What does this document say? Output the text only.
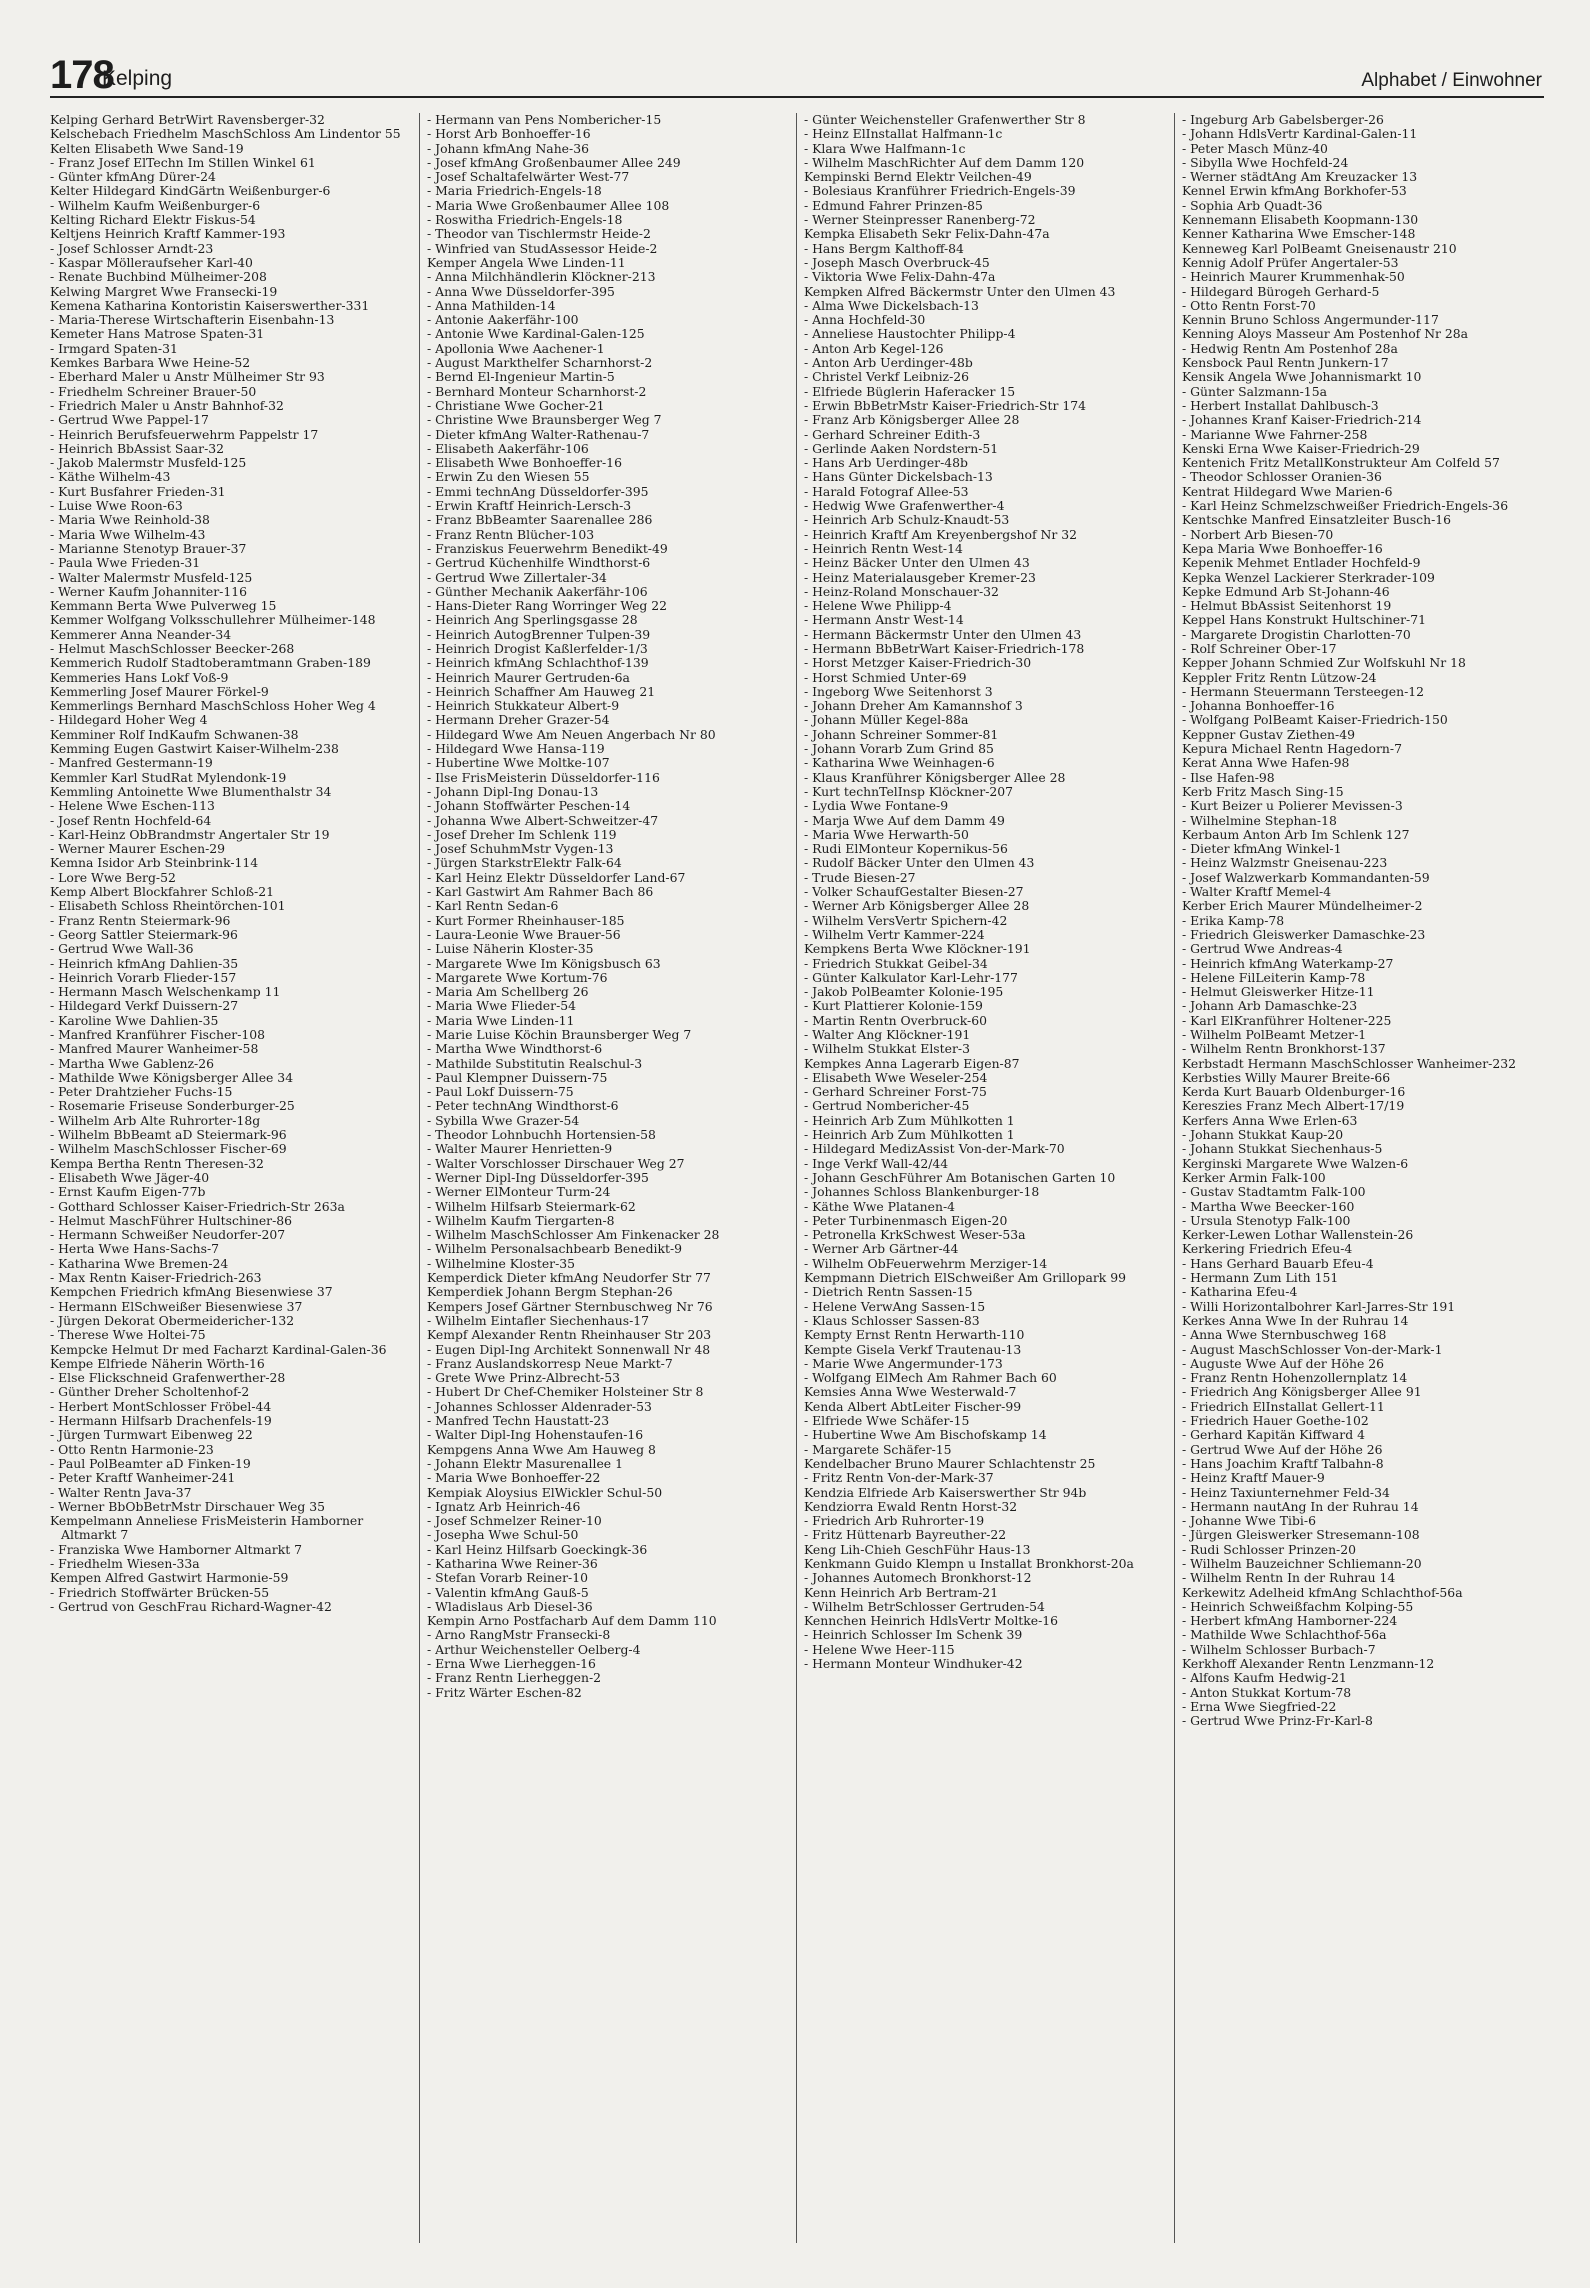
178
Kelping	Alphabet / Einwohner
Kelping Gerhard BetrWirt Ravensberger-32
Kelschebach Friedhelm MaschSchloss Am Lindentor 55
Kelten Elisabeth Wwe Sand-19
- Franz Josef ElTechn Im Stillen Winkel 61
- Günter kfmAng Dürer-24
Kelter Hildegard KindGärtn Weißenburger-6
- Wilhelm Kaufm Weißenburger-6
Kelting Richard Elektr Fiskus-54
Keltjens Heinrich Kraftf Kammer-193
- Josef Schlosser Arndt-23
- Kaspar Mölleraufseher Karl-40
- Renate Buchbind Mülheimer-208
Kelwing Margret Wwe Fransecki-19
Kemena Katharina Kontoristin Kaiserswerther-331
- Maria-Therese Wirtschafterin Eisenbahn-13
Kemeter Hans Matrose Spaten-31
- Irmgard Spaten-31
Kemkes Barbara Wwe Heine-52
- Eberhard Maler u Anstr Mülheimer Str 93
- Friedhelm Schreiner Brauer-50
- Friedrich Maler u Anstr Bahnhof-32
- Gertrud Wwe Pappel-17
- Heinrich Berufsfeuerwehrm Pappelstr 17
- Heinrich BbAssist Saar-32
- Jakob Malermstr Musfeld-125
- Käthe Wilhelm-43
- Kurt Busfahrer Frieden-31
- Luise Wwe Roon-63
- Maria Wwe Reinhold-38
- Maria Wwe Wilhelm-43
- Marianne Stenotyp Brauer-37
- Paula Wwe Frieden-31
- Walter Malermstr Musfeld-125
- Werner Kaufm Johanniter-116
Kemmann Berta Wwe Pulverweg 15
Kemmer Wolfgang Volksschullehrer Mülheimer-148
Kemmerer Anna Neander-34
- Helmut MaschSchlosser Beecker-268
Kemmerich Rudolf Stadtoberamtmann Graben-189
Kemmeries Hans Lokf Voß-9
Kemmerling Josef Maurer Förkel-9
Kemmerlings Bernhard MaschSchloss Hoher Weg 4
- Hildegard Hoher Weg 4
Kemminer Rolf IndKaufm Schwanen-38
Kemming Eugen Gastwirt Kaiser-Wilhelm-238
- Manfred Gestermann-19
Kemmler Karl StudRat Mylendonk-19
Kemmling Antoinette Wwe Blumenthalstr 34
- Helene Wwe Eschen-113
- Josef Rentn Hochfeld-64
- Karl-Heinz ObBrandmstr Angertaler Str 19
- Werner Maurer Eschen-29
Kemna Isidor Arb Steinbrink-114
- Lore Wwe Berg-52
Kemp Albert Blockfahrer Schloß-21
- Elisabeth Schloss Rheintörchen-101
- Franz Rentn Steiermark-96
- Georg Sattler Steiermark-96
- Gertrud Wwe Wall-36
- Heinrich kfmAng Dahlien-35
- Heinrich Vorarb Flieder-157
- Hermann Masch Welschenkamp 11
- Hildegard Verkf Duissern-27
- Karoline Wwe Dahlien-35
- Manfred Kranführer Fischer-108
- Manfred Maurer Wanheimer-58
- Martha Wwe Gablenz-26
- Mathilde Wwe Königsberger Allee 34
- Peter Drahtzieher Fuchs-15
- Rosemarie Friseuse Sonderburger-25
- Wilhelm Arb Alte Ruhrorter-18g
- Wilhelm BbBeamt aD Steiermark-96
- Wilhelm MaschSchlosser Fischer-69
Kempa Bertha Rentn Theresen-32
- Elisabeth Wwe Jäger-40
- Ernst Kaufm Eigen-77b
- Gotthard Schlosser Kaiser-Friedrich-Str 263a
- Helmut MaschFührer Hultschiner-86
- Hermann Schweißer Neudorfer-207
- Herta Wwe Hans-Sachs-7
- Katharina Wwe Bremen-24
- Max Rentn Kaiser-Friedrich-263
Kempchen Friedrich kfmAng Biesenwiese 37
- Hermann ElSchweißer Biesenwiese 37
- Jürgen Dekorat Obermeidericher-132
- Therese Wwe Holtei-75
Kempcke Helmut Dr med Facharzt Kardinal-Galen-36
Kempe Elfriede Näherin Wörth-16
- Else Flickschneid Grafenwerther-28
- Günther Dreher Scholtenhof-2
- Herbert MontSchlosser Fröbel-44
- Hermann Hilfsarb Drachenfels-19
- Jürgen Turmwart Eibenweg 22
- Otto Rentn Harmonie-23
- Paul PolBeamter aD Finken-19
- Peter Kraftf Wanheimer-241
- Walter Rentn Java-37
- Werner BbObBetrMstr Dirschauer Weg 35
Kempelmann Anneliese FrisMeisterin Hamborner Altmarkt 7
- Franziska Wwe Hamborner Altmarkt 7
- Friedhelm Wiesen-33a
Kempen Alfred Gastwirt Harmonie-59
- Friedrich Stoffwärter Brücken-55
- Gertrud von GeschFrau Richard-Wagner-42
- Hermann van Pens Nombericher-15
- Horst Arb Bonhoeffer-16
- Johann kfmAng Nahe-36
- Josef kfmAng Großenbaumer Allee 249
- Josef Schaltafelwärter West-77
- Maria Friedrich-Engels-18
- Maria Wwe Großenbaumer Allee 108
- Roswitha Friedrich-Engels-18
- Theodor van Tischlermstr Heide-2
- Winfried van StudAssessor Heide-2
Kemper Angela Wwe Linden-11
- Anna Milchhändlerin Klöckner-213
- Anna Wwe Düsseldorfer-395
- Anna Mathilden-14
- Antonie Aakerfähr-100
- Antonie Wwe Kardinal-Galen-125
- Apollonia Wwe Aachener-1
- August Markthelfer Scharnhorst-2
- Bernd El-Ingenieur Martin-5
- Bernhard Monteur Scharnhorst-2
- Christiane Wwe Gocher-21
- Christine Wwe Braunsberger Weg 7
- Dieter kfmAng Walter-Rathenau-7
- Elisabeth Aakerfähr-106
- Elisabeth Wwe Bonhoeffer-16
- Erwin Zu den Wiesen 55
- Emmi technAng Düsseldorfer-395
- Erwin Kraftf Heinrich-Lersch-3
- Franz BbBeamter Saarenallee 286
- Franz Rentn Blücher-103
- Franziskus Feuerwehrm Benedikt-49
- Gertrud Küchenhilfe Windthorst-6
- Gertrud Wwe Zillertaler-34
- Günther Mechanik Aakerfähr-106
- Hans-Dieter Rang Worringer Weg 22
- Heinrich Ang Sperlingsgasse 28
- Heinrich AutogBrenner Tulpen-39
- Heinrich Drogist Kaßlerfelder-1/3
- Heinrich kfmAng Schlachthof-139
- Heinrich Maurer Gertruden-6a
- Heinrich Schaffner Am Hauweg 21
- Heinrich Stukkateur Albert-9
- Hermann Dreher Grazer-54
- Hildegard Wwe Am Neuen Angerbach Nr 80
- Hildegard Wwe Hansa-119
- Hubertine Wwe Moltke-107
- Ilse FrisMeisterin Düsseldorfer-116
- Johann Dipl-Ing Donau-13
- Johann Stoffwärter Peschen-14
- Johanna Wwe Albert-Schweitzer-47
- Josef Dreher Im Schlenk 119
- Josef SchuhmMstr Vygen-13
- Jürgen StarkstrElektr Falk-64
- Karl Heinz Elektr Düsseldorfer Land-67
- Karl Gastwirt Am Rahmer Bach 86
- Karl Rentn Sedan-6
- Kurt Former Rheinhauser-185
- Laura-Leonie Wwe Brauer-56
- Luise Näherin Kloster-35
- Margarete Wwe Im Königsbusch 63
- Margarete Wwe Kortum-76
- Maria Am Schellberg 26
- Maria Wwe Flieder-54
- Maria Wwe Linden-11
- Marie Luise Köchin Braunsberger Weg 7
- Martha Wwe Windthorst-6
- Mathilde Substitutin Realschul-3
- Paul Klempner Duissern-75
- Paul Lokf Duissern-75
- Peter technAng Windthorst-6
- Sybilla Wwe Grazer-54
- Theodor Lohnbuchh Hortensien-58
- Walter Maurer Henrietten-9
- Walter Vorschlosser Dirschauer Weg 27
- Werner Dipl-Ing Düsseldorfer-395
- Werner ElMonteur Turm-24
- Wilhelm Hilfsarb Steiermark-62
- Wilhelm Kaufm Tiergarten-8
- Wilhelm MaschSchlosser Am Finkenacker 28
- Wilhelm Personalsachbearb Benedikt-9
- Wilhelmine Kloster-35
Kemperdick Dieter kfmAng Neudorfer Str 77
Kemperdiek Johann Bergm Stephan-26
Kempers Josef Gärtner Sternbuschweg Nr 76
- Wilhelm Eintafler Siechenhaus-17
Kempf Alexander Rentn Rheinhauser Str 203
- Eugen Dipl-Ing Architekt Sonnenwall Nr 48
- Franz Auslandskorresp Neue Markt-7
- Grete Wwe Prinz-Albrecht-53
- Hubert Dr Chef-Chemiker Holsteiner Str 8
- Johannes Schlosser Aldenrader-53
- Manfred Techn Haustatt-23
- Walter Dipl-Ing Hohenstaufen-16
Kempgens Anna Wwe Am Hauweg 8
- Johann Elektr Masurenallee 1
- Maria Wwe Bonhoeffer-22
Kempiak Aloysius ElWickler Schul-50
- Ignatz Arb Heinrich-46
- Josef Schmelzer Reiner-10
- Josepha Wwe Schul-50
- Karl Heinz Hilfsarb Goeckingk-36
- Katharina Wwe Reiner-36
- Stefan Vorarb Reiner-10
- Valentin kfmAng Gauß-5
- Wladislaus Arb Diesel-36
Kempin Arno Postfacharb Auf dem Damm 110
- Arno RangMstr Fransecki-8
- Arthur Weichensteller Oelberg-4
- Erna Wwe Lierheggen-16
- Franz Rentn Lierheggen-2
- Fritz Wärter Eschen-82
- Günter Weichensteller Grafenwerther Str 8
- Heinz ElInstallat Halfmann-1c
- Klara Wwe Halfmann-1c
- Wilhelm MaschRichter Auf dem Damm 120
Kempinski Bernd Elektr Veilchen-49
- Bolesiaus Kranführer Friedrich-Engels-39
- Edmund Fahrer Prinzen-85
- Werner Steinpresser Ranenberg-72
Kempka Elisabeth Sekr Felix-Dahn-47a
- Hans Bergm Kalthoff-84
- Joseph Masch Overbruck-45
- Viktoria Wwe Felix-Dahn-47a
Kempken Alfred Bäckermstr Unter den Ulmen 43
- Alma Wwe Dickelsbach-13
- Anna Hochfeld-30
- Anneliese Haustochter Philipp-4
- Anton Arb Kegel-126
- Anton Arb Uerdinger-48b
- Christel Verkf Leibniz-26
- Elfriede Büglerin Haferacker 15
- Erwin BbBetrMstr Kaiser-Friedrich-Str 174
- Franz Arb Königsberger Allee 28
- Gerhard Schreiner Edith-3
- Gerlinde Aaken Nordstern-51
- Hans Arb Uerdinger-48b
- Hans Günter Dickelsbach-13
- Harald Fotograf Allee-53
- Hedwig Wwe Grafenwerther-4
- Heinrich Arb Schulz-Knaudt-53
- Heinrich Kraftf Am Kreyenbergshof Nr 32
- Heinrich Rentn West-14
- Heinz Bäcker Unter den Ulmen 43
- Heinz Materialausgeber Kremer-23
- Heinz-Roland Monschauer-32
- Helene Wwe Philipp-4
- Hermann Anstr West-14
- Hermann Bäckermstr Unter den Ulmen 43
- Hermann BbBetrWart Kaiser-Friedrich-178
- Horst Metzger Kaiser-Friedrich-30
- Horst Schmied Unter-69
- Ingeborg Wwe Seitenhorst 3
- Johann Dreher Am Kamannshof 3
- Johann Müller Kegel-88a
- Johann Schreiner Sommer-81
- Johann Vorarb Zum Grind 85
- Katharina Wwe Weinhagen-6
- Klaus Kranführer Königsberger Allee 28
- Kurt technTelInsp Klöckner-207
- Lydia Wwe Fontane-9
- Marja Wwe Auf dem Damm 49
- Maria Wwe Herwarth-50
- Rudi ElMonteur Kopernikus-56
- Rudolf Bäcker Unter den Ulmen 43
- Trude Biesen-27
- Volker SchaufGestalter Biesen-27
- Werner Arb Königsberger Allee 28
- Wilhelm VersVertr Spichern-42
- Wilhelm Vertr Kammer-224
Kempkens Berta Wwe Klöckner-191
- Friedrich Stukkat Geibel-34
- Günter Kalkulator Karl-Lehr-177
- Jakob PolBeamter Kolonie-195
- Kurt Plattierer Kolonie-159
- Martin Rentn Overbruck-60
- Walter Ang Klöckner-191
- Wilhelm Stukkat Elster-3
Kempkes Anna Lagerarb Eigen-87
- Elisabeth Wwe Weseler-254
- Gerhard Schreiner Forst-75
- Gertrud Nombericher-45
- Heinrich Arb Zum Mühlkotten 1
- Heinrich Arb Zum Mühlkotten 1
- Hildegard MedizAssist Von-der-Mark-70
- Inge Verkf Wall-42/44
- Johann GeschFührer Am Botanischen Garten 10
- Johannes Schloss Blankenburger-18
- Käthe Wwe Platanen-4
- Peter Turbinenmasch Eigen-20
- Petronella KrkSchwest Weser-53a
- Werner Arb Gärtner-44
- Wilhelm ObFeuerwehrm Merziger-14
Kempmann Dietrich ElSchweißer Am Grillopark 99
- Dietrich Rentn Sassen-15
- Helene VerwAng Sassen-15
- Klaus Schlosser Sassen-83
Kempty Ernst Rentn Herwarth-110
Kempte Gisela Verkf Trautenau-13
- Marie Wwe Angermunder-173
- Wolfgang ElMech Am Rahmer Bach 60
Kemsies Anna Wwe Westerwald-7
Kenda Albert AbtLeiter Fischer-99
- Elfriede Wwe Schäfer-15
- Hubertine Wwe Am Bischofskamp 14
- Margarete Schäfer-15
Kendelbacher Bruno Maurer Schlachtenstr 25
- Fritz Rentn Von-der-Mark-37
Kendzia Elfriede Arb Kaiserswerther Str 94b
Kendziorra Ewald Rentn Horst-32
- Friedrich Arb Ruhrorter-19
- Fritz Hüttenarb Bayreuther-22
Keng Lih-Chieh GeschFühr Haus-13
Kenkmann Guido Klempn u Installat Bronkhorst-20a
- Johannes Automech Bronkhorst-12
Kenn Heinrich Arb Bertram-21
- Wilhelm BetrSchlosser Gertruden-54
Kennchen Heinrich HdlsVertr Moltke-16
- Heinrich Schlosser Im Schenk 39
- Helene Wwe Heer-115
- Hermann Monteur Windhuker-42
- Ingeburg Arb Gabelsberger-26
- Johann HdlsVertr Kardinal-Galen-11
- Peter Masch Münz-40
- Sibylla Wwe Hochfeld-24
- Werner städtAng Am Kreuzacker 13
Kennel Erwin kfmAng Borkhofer-53
- Sophia Arb Quadt-36
Kennemann Elisabeth Koopmann-130
Kenner Katharina Wwe Emscher-148
Kenneweg Karl PolBeamt Gneisenaustr 210
Kennig Adolf Prüfer Angertaler-53
- Heinrich Maurer Krummenhak-50
- Hildegard Bürogeh Gerhard-5
- Otto Rentn Forst-70
Kennin Bruno Schloss Angermunder-117
Kenning Aloys Masseur Am Postenhof Nr 28a
- Hedwig Rentn Am Postenhof 28a
Kensbock Paul Rentn Junkern-17
Kensik Angela Wwe Johannismarkt 10
- Günter Salzmann-15a
- Herbert Installat Dahlbusch-3
- Johannes Kranf Kaiser-Friedrich-214
- Marianne Wwe Fahrner-258
Kenski Erna Wwe Kaiser-Friedrich-29
Kentenich Fritz MetallKonstrukteur Am Colfeld 57
- Theodor Schlosser Oranien-36
Kentrat Hildegard Wwe Marien-6
- Karl Heinz Schmelzschweißer Friedrich-Engels-36
Kentschke Manfred Einsatzleiter Busch-16
- Norbert Arb Biesen-70
Kepa Maria Wwe Bonhoeffer-16
Kepenik Mehmet Entlader Hochfeld-9
Kepka Wenzel Lackierer Sterkrader-109
Kepke Edmund Arb St-Johann-46
- Helmut BbAssist Seitenhorst 19
Keppel Hans Konstrukt Hultschiner-71
- Margarete Drogistin Charlotten-70
- Rolf Schreiner Ober-17
Kepper Johann Schmied Zur Wolfskuhl Nr 18
Keppler Fritz Rentn Lützow-24
- Hermann Steuermann Tersteegen-12
- Johanna Bonhoeffer-16
- Wolfgang PolBeamt Kaiser-Friedrich-150
Keppner Gustav Ziethen-49
Kepura Michael Rentn Hagedorn-7
Kerat Anna Wwe Hafen-98
- Ilse Hafen-98
Kerb Fritz Masch Sing-15
- Kurt Beizer u Polierer Mevissen-3
- Wilhelmine Stephan-18
Kerbaum Anton Arb Im Schlenk 127
- Dieter kfmAng Winkel-1
- Heinz Walzmstr Gneisenau-223
- Josef Walzwerkarb Kommandanten-59
- Walter Kraftf Memel-4
Kerber Erich Maurer Mündelheimer-2
- Erika Kamp-78
- Friedrich Gleiswerker Damaschke-23
- Gertrud Wwe Andreas-4
- Heinrich kfmAng Waterkamp-27
- Helene FilLeiterin Kamp-78
- Helmut Gleiswerker Hitze-11
- Johann Arb Damaschke-23
- Karl ElKranführer Holtener-225
- Wilhelm PolBeamt Metzer-1
- Wilhelm Rentn Bronkhorst-137
Kerbstadt Hermann MaschSchlosser Wanheimer-232
Kerbsties Willy Maurer Breite-66
Kerda Kurt Bauarb Oldenburger-16
Kereszies Franz Mech Albert-17/19
Kerfers Anna Wwe Erlen-63
- Johann Stukkat Kaup-20
- Johann Stukkat Siechenhaus-5
Kerginski Margarete Wwe Walzen-6
Kerker Armin Falk-100
- Gustav Stadtamtm Falk-100
- Martha Wwe Beecker-160
- Ursula Stenotyp Falk-100
Kerker-Lewen Lothar Wallenstein-26
Kerkering Friedrich Efeu-4
- Hans Gerhard Bauarb Efeu-4
- Hermann Zum Lith 151
- Katharina Efeu-4
- Willi Horizontalbohrer Karl-Jarres-Str 191
Kerkes Anna Wwe In der Ruhrau 14
- Anna Wwe Sternbuschweg 168
- August MaschSchlosser Von-der-Mark-1
- Auguste Wwe Auf der Höhe 26
- Franz Rentn Hohenzollernplatz 14
- Friedrich Ang Königsberger Allee 91
- Friedrich ElInstallat Gellert-11
- Friedrich Hauer Goethe-102
- Gerhard Kapitän Kiffward 4
- Gertrud Wwe Auf der Höhe 26
- Hans Joachim Kraftf Talbahn-8
- Heinz Kraftf Mauer-9
- Heinz Taxiunternehmer Feld-34
- Hermann nautAng In der Ruhrau 14
- Johanne Wwe Tibi-6
- Jürgen Gleiswerker Stresemann-108
- Rudi Schlosser Prinzen-20
- Wilhelm Bauzeichner Schliemann-20
- Wilhelm Rentn In der Ruhrau 14
Kerkewitz Adelheid kfmAng Schlachthof-56a
- Heinrich Schweißfachm Kolping-55
- Herbert kfmAng Hamborner-224
- Mathilde Wwe Schlachthof-56a
- Wilhelm Schlosser Burbach-7
Kerkhoff Alexander Rentn Lenzmann-12
- Alfons Kaufm Hedwig-21
- Anton Stukkat Kortum-78
- Erna Wwe Siegfried-22
- Gertrud Wwe Prinz-Fr-Karl-8
